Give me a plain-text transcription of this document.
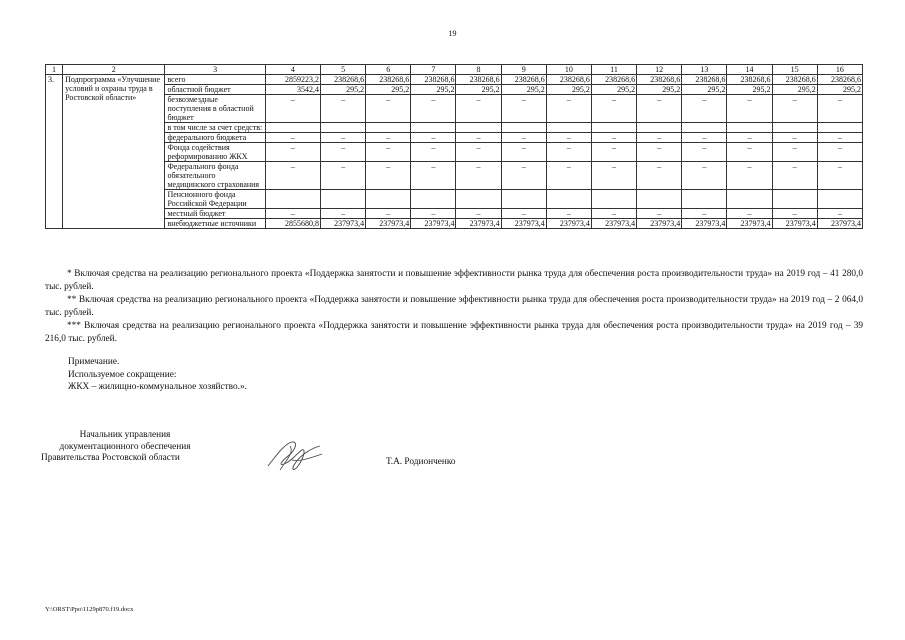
19
1	2	3	4	5	6	7	8	9	10	11	12	13	14	15	16
3.	Подпрограмма «Улучшение условий и охраны труда в Ростовской области»	всего	2859223,2	238268,6	238268,6	238268,6	238268,6	238268,6	238268,6	238268,6	238268,6	238268,6	238268,6	238268,6	238268,6
		областной бюджет	3542,4	295,2	295,2	295,2	295,2	295,2	295,2	295,2	295,2	295,2	295,2	295,2	295,2
		безвозмездные поступления в областной бюджет	–	–	–	–	–	–	–	–	–	–	–	–	–
		в том числе за счет средств:													
		федерального бюджета	–	–	–	–	–	–	–	–	–	–	–	–	–
		Фонда содействия реформированию ЖКХ	–	–	–	–	–	–	–	–	–	–	–	–	–
		Федерального фонда обязательного медицинского страхования	–	–	–	–	–	–	–	–	–	–	–	–	–
		Пенсионного фонда Российской Федерации													
		местный бюджет	–	–	–	–	–	–	–	–	–	–	–	–	–
		внебюджетные источники	2855680,8	237973,4	237973,4	237973,4	237973,4	237973,4	237973,4	237973,4	237973,4	237973,4	237973,4	237973,4	237973,4

* Включая средства на реализацию регионального проекта «Поддержка занятости и повышение эффективности рынка труда для обеспечения роста производительности труда» на 2019 год – 41 280,0 тыс. рублей.

** Включая средства на реализацию регионального проекта «Поддержка занятости и повышение эффективности рынка труда для обеспечения роста производительности труда» на 2019 год – 2 064,0 тыс. рублей.

*** Включая средства на реализацию регионального проекта «Поддержка занятости и повышение эффективности рынка труда для обеспечения роста производительности труда» на 2019 год – 39 216,0 тыс. рублей.

Примечание.
Используемое сокращение:
ЖКХ – жилищно-коммунальное хозяйство.».
Начальник управления
документационного обеспечения
Правительства Ростовской области	Т.А. Родионченко
Y:\ORST\Ppo\1129p870.f19.docx
